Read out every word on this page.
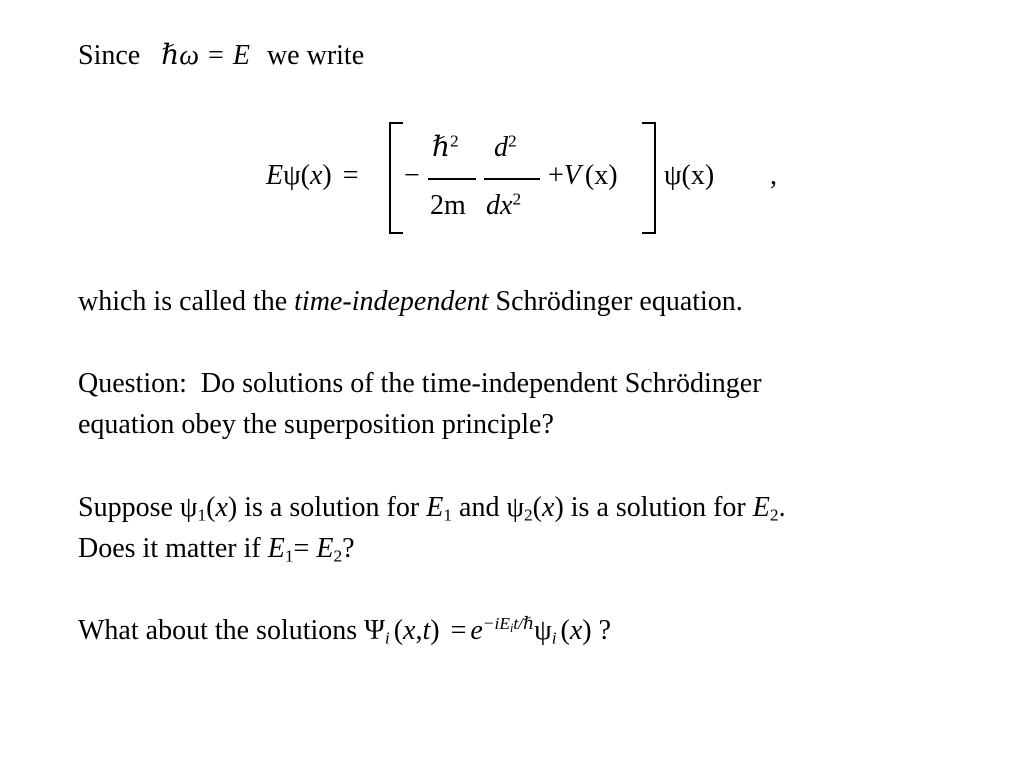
Since ℏω = E we write
Eψ(x) = −
ℏ$^2$
2m
$d^2$
$dx^2$
+V (x) ψ(x) ,
which is called the time-independent Schrödinger equation.
Question:  Do solutions of the time-independent Schrödinger
equation obey the superposition principle?
Suppose $\psi_1(x)$ is a solution for $E_1$ and $\psi_2(x)$ is a solution for $E_2$.
Does it matter if $E_1= E_2$?
What about the solutions $\Psi_i$ $(x,t) = e^{-iE_it/\hbar}\psi_i$ (x) ?
